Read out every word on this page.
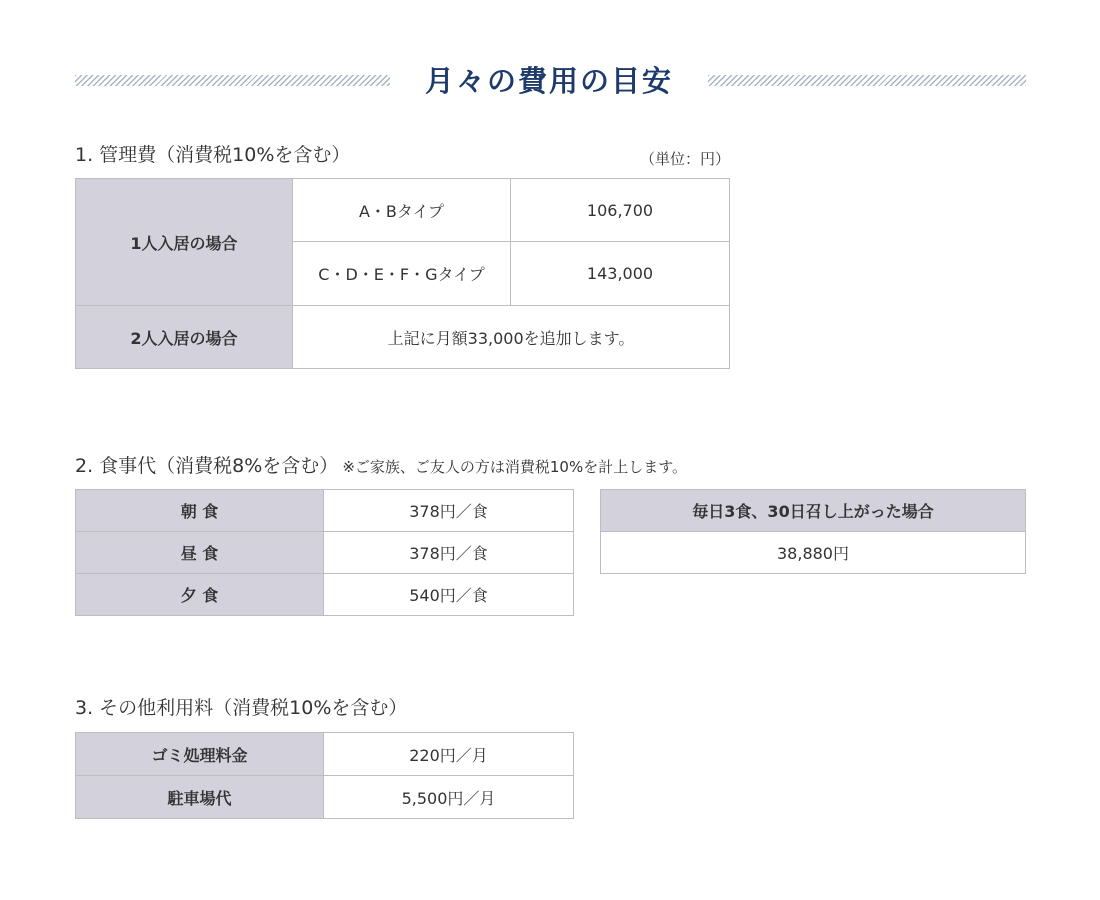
月々の費用の目安
1. 管理費（消費税10%を含む）	（単位：円）
1人入居の場合	A・Bタイプ	106,700
	C・D・E・F・Gタイプ	143,000
2人入居の場合	上記に月額33,000を追加します。	
2. 食事代（消費税8%を含む） ※ご家族、ご友人の方は消費税10%を計上します。
朝 食	378円／食
昼 食	378円／食
夕 食	540円／食
毎日3食、30日召し上がった場合
38,880円
3. その他利用料（消費税10%を含む）
ゴミ処理料金	220円／月
駐車場代	5,500円／月
